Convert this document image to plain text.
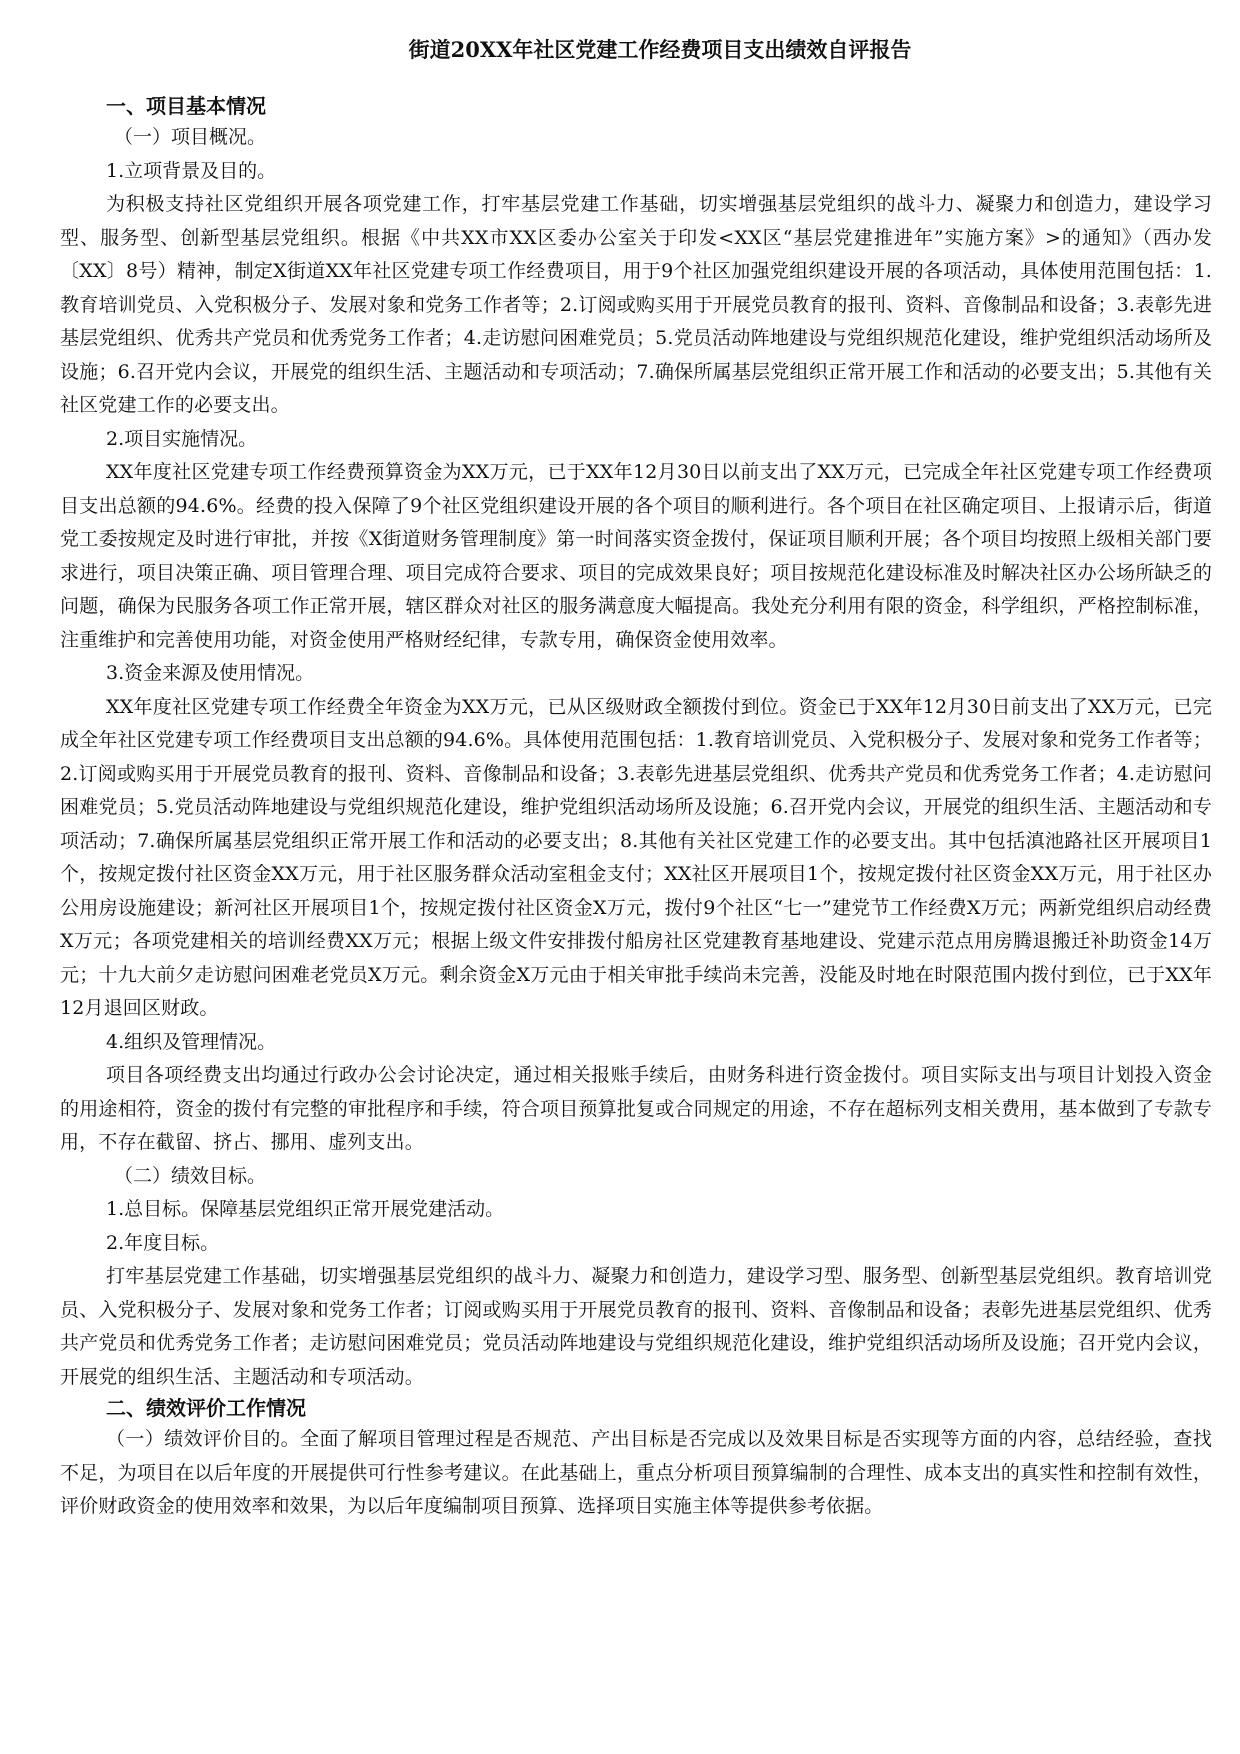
街道20XX年社区党建工作经费项目支出绩效自评报告
一、项目基本情况

（一）项目概况。

1.立项背景及目的。

为积极支持社区党组织开展各项党建工作，打牢基层党建工作基础，切实增强基层党组织的战斗力、凝聚力和创造力，建设学习型、服务型、创新型基层党组织。根据《中共XX市XX区委办公室关于印发<XX区“基层党建推进年”实施方案》>的通知》（西办发〔XX〕8号）精神，制定X街道XX年社区党建专项工作经费项目，用于9个社区加强党组织建设开展的各项活动，具体使用范围包括：1.教育培训党员、入党积极分子、发展对象和党务工作者等；2.订阅或购买用于开展党员教育的报刊、资料、音像制品和设备；3.表彰先进基层党组织、优秀共产党员和优秀党务工作者；4.走访慰问困难党员；5.党员活动阵地建设与党组织规范化建设，维护党组织活动场所及设施；6.召开党内会议，开展党的组织生活、主题活动和专项活动；7.确保所属基层党组织正常开展工作和活动的必要支出；5.其他有关社区党建工作的必要支出。

2.项目实施情况。

XX年度社区党建专项工作经费预算资金为XX万元，已于XX年12月30日以前支出了XX万元，已完成全年社区党建专项工作经费项目支出总额的94.6%。经费的投入保障了9个社区党组织建设开展的各个项目的顺利进行。各个项目在社区确定项目、上报请示后，街道党工委按规定及时进行审批，并按《X街道财务管理制度》第一时间落实资金拨付，保证项目顺利开展；各个项目均按照上级相关部门要求进行，项目决策正确、项目管理合理、项目完成符合要求、项目的完成效果良好；项目按规范化建设标准及时解决社区办公场所缺乏的问题，确保为民服务各项工作正常开展，辖区群众对社区的服务满意度大幅提高。我处充分利用有限的资金，科学组织，严格控制标准，注重维护和完善使用功能，对资金使用严格财经纪律，专款专用，确保资金使用效率。

3.资金来源及使用情况。

XX年度社区党建专项工作经费全年资金为XX万元，已从区级财政全额拨付到位。资金已于XX年12月30日前支出了XX万元，已完成全年社区党建专项工作经费项目支出总额的94.6%。具体使用范围包括：1.教育培训党员、入党积极分子、发展对象和党务工作者等；2.订阅或购买用于开展党员教育的报刊、资料、音像制品和设备；3.表彰先进基层党组织、优秀共产党员和优秀党务工作者；4.走访慰问困难党员；5.党员活动阵地建设与党组织规范化建设，维护党组织活动场所及设施；6.召开党内会议，开展党的组织生活、主题活动和专项活动；7.确保所属基层党组织正常开展工作和活动的必要支出；8.其他有关社区党建工作的必要支出。其中包括滇池路社区开展项目1个，按规定拨付社区资金XX万元，用于社区服务群众活动室租金支付；XX社区开展项目1个，按规定拨付社区资金XX万元，用于社区办公用房设施建设；新河社区开展项目1个，按规定拨付社区资金X万元，拨付9个社区“七一”建党节工作经费X万元；两新党组织启动经费X万元；各项党建相关的培训经费XX万元；根据上级文件安排拨付船房社区党建教育基地建设、党建示范点用房腾退搬迁补助资金14万元；十九大前夕走访慰问困难老党员X万元。剩余资金X万元由于相关审批手续尚未完善，没能及时地在时限范围内拨付到位，已于XX年12月退回区财政。

4.组织及管理情况。

项目各项经费支出均通过行政办公会讨论决定，通过相关报账手续后，由财务科进行资金拨付。项目实际支出与项目计划投入资金的用途相符，资金的拨付有完整的审批程序和手续，符合项目预算批复或合同规定的用途，不存在超标列支相关费用，基本做到了专款专用，不存在截留、挤占、挪用、虚列支出。

（二）绩效目标。

1.总目标。保障基层党组织正常开展党建活动。

2.年度目标。

打牢基层党建工作基础，切实增强基层党组织的战斗力、凝聚力和创造力，建设学习型、服务型、创新型基层党组织。教育培训党员、入党积极分子、发展对象和党务工作者；订阅或购买用于开展党员教育的报刊、资料、音像制品和设备；表彰先进基层党组织、优秀共产党员和优秀党务工作者；走访慰问困难党员；党员活动阵地建设与党组织规范化建设，维护党组织活动场所及设施；召开党内会议，开展党的组织生活、主题活动和专项活动。

二、绩效评价工作情况

（一）绩效评价目的。全面了解项目管理过程是否规范、产出目标是否完成以及效果目标是否实现等方面的内容，总结经验，查找不足，为项目在以后年度的开展提供可行性参考建议。在此基础上，重点分析项目预算编制的合理性、成本支出的真实性和控制有效性，评价财政资金的使用效率和效果，为以后年度编制项目预算、选择项目实施主体等提供参考依据。
